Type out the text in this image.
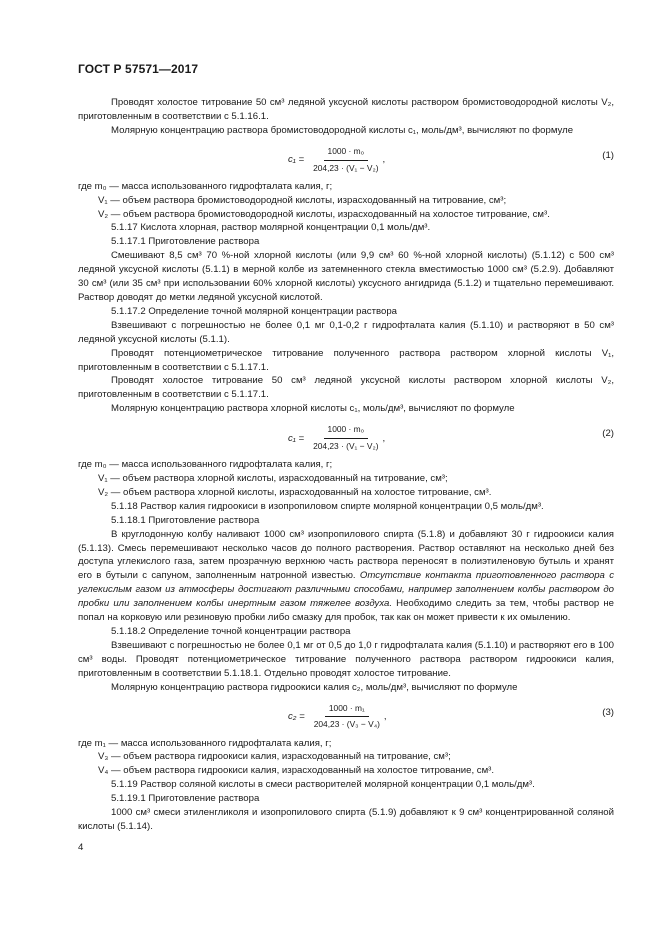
ГОСТ Р 57571—2017

Проводят холостое титрование 50 см³ ледяной уксусной кислоты раствором бромистоводородной кислоты V₂, приготовленным в соответствии с 5.1.16.1.

Молярную концентрацию раствора бромистоводородной кислоты c₁, моль/дм³, вычисляют по формуле

$c_1 = \frac{\text{1000 · m₀}}{\text{204,23 · (V₁ − V₂)}}$ ,	(1)

где m₀ — масса использованного гидрофталата калия, г;

V₁ — объем раствора бромистоводородной кислоты, израсходованный на титрование, см³;

V₂ — объем раствора бромистоводородной кислоты, израсходованный на холостое титрование, см³.

5.1.17 Кислота хлорная, раствор молярной концентрации 0,1 моль/дм³.

5.1.17.1 Приготовление раствора

Смешивают 8,5 см³ 70 %-ной хлорной кислоты (или 9,9 см³ 60 %-ной хлорной кислоты) (5.1.12) с 500 см³ ледяной уксусной кислоты (5.1.1) в мерной колбе из затемненного стекла вместимостью 1000 см³ (5.2.9). Добавляют 30 см³ (или 35 см³ при использовании 60% хлорной кислоты) уксусного ангидрида (5.1.2) и тщательно перемешивают. Раствор доводят до метки ледяной уксусной кислотой.

5.1.17.2 Определение точной молярной концентрации раствора

Взвешивают с погрешностью не более 0,1 мг 0,1-0,2 г гидрофталата калия (5.1.10) и растворяют в 50 см³ ледяной уксусной кислоты (5.1.1).

Проводят потенциометрическое титрование полученного раствора раствором хлорной кислоты V₁, приготовленным в соответствии с 5.1.17.1.

Проводят холостое титрование 50 см³ ледяной уксусной кислоты раствором хлорной кислоты V₂, приготовленным в соответствии с 5.1.17.1.

Молярную концентрацию раствора хлорной кислоты c₁, моль/дм³, вычисляют по формуле

$c_1 = \frac{\text{1000 · m₀}}{\text{204,23 · (V₁ − V₂)}}$ ,	(2)

где m₀ — масса использованного гидрофталата калия, г;

V₁ — объем раствора хлорной кислоты, израсходованный на титрование, см³;

V₂ — объем раствора хлорной кислоты, израсходованный на холостое титрование, см³.

5.1.18 Раствор калия гидроокиси в изопропиловом спирте молярной концентрации 0,5 моль/дм³.

5.1.18.1 Приготовление раствора

В круглодонную колбу наливают 1000 см³ изопропилового спирта (5.1.8) и добавляют 30 г гидроокиси калия (5.1.13). Смесь перемешивают несколько часов до полного растворения. Раствор оставляют на несколько дней без доступа углекислого газа, затем прозрачную верхнюю часть раствора переносят в полиэтиленовую бутыль и хранят его в бутыли с сапуном, заполненным натронной известью. Отсутствие контакта приготовленного раствора с углекислым газом из атмосферы достигают различными способами, например заполнением колбы раствором до пробки или заполнением колбы инертным газом тяжелее воздуха. Необходимо следить за тем, чтобы раствор не попал на корковую или резиновую пробки либо смазку для пробок, так как он может привести к их омылению.

5.1.18.2 Определение точной концентрации раствора

Взвешивают с погрешностью не более 0,1 мг от 0,5 до 1,0 г гидрофталата калия (5.1.10) и растворяют его в 100 см³ воды. Проводят потенциометрическое титрование полученного раствора раствором гидроокиси калия, приготовленным в соответствии 5.1.18.1. Отдельно проводят холостое титрование.

Молярную концентрацию раствора гидроокиси калия c₂, моль/дм³, вычисляют по формуле

$c_2 = \frac{\text{1000 · m₁}}{\text{204,23 · (V₃ − V₄)}}$ ,	(3)

где m₁ — масса использованного гидрофталата калия, г;

V₃ — объем раствора гидроокиси калия, израсходованный на титрование, см³;

V₄ — объем раствора гидроокиси калия, израсходованный на холостое титрование, см³.

5.1.19 Раствор соляной кислоты в смеси растворителей молярной концентрации 0,1 моль/дм³.

5.1.19.1 Приготовление раствора

1000 см³ смеси этиленгликоля и изопропилового спирта (5.1.9) добавляют к 9 см³ концентрированной соляной кислоты (5.1.14).

4
